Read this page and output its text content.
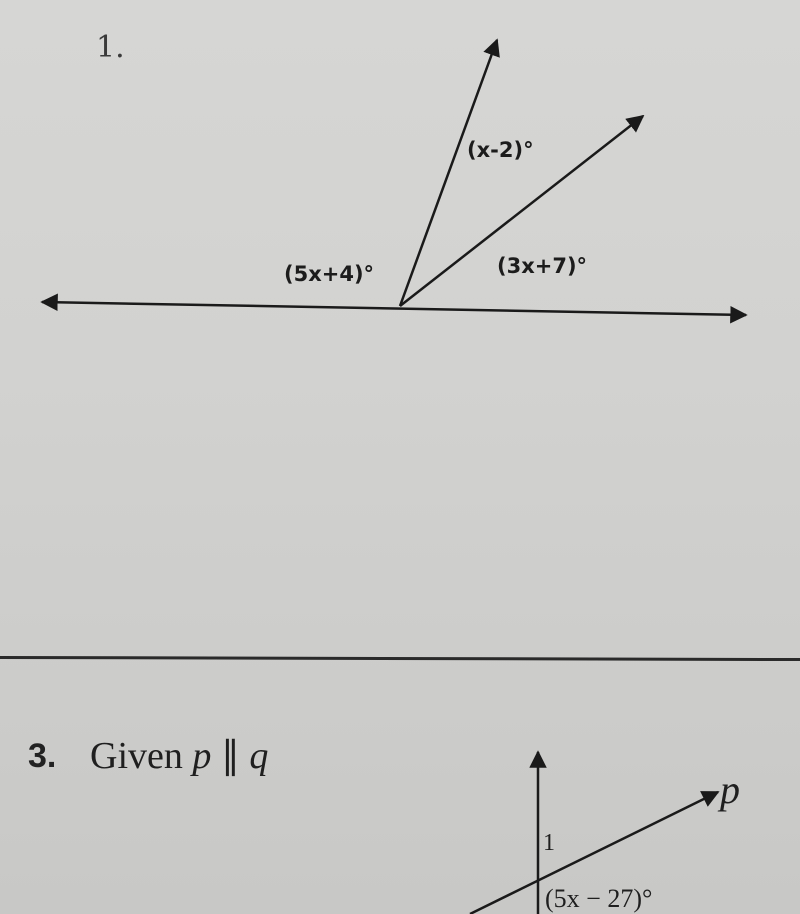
1.
(x-2)°
(5x+4)°	(3x+7)°
3. Given p ∥ q
p
1
(5x − 27)°
